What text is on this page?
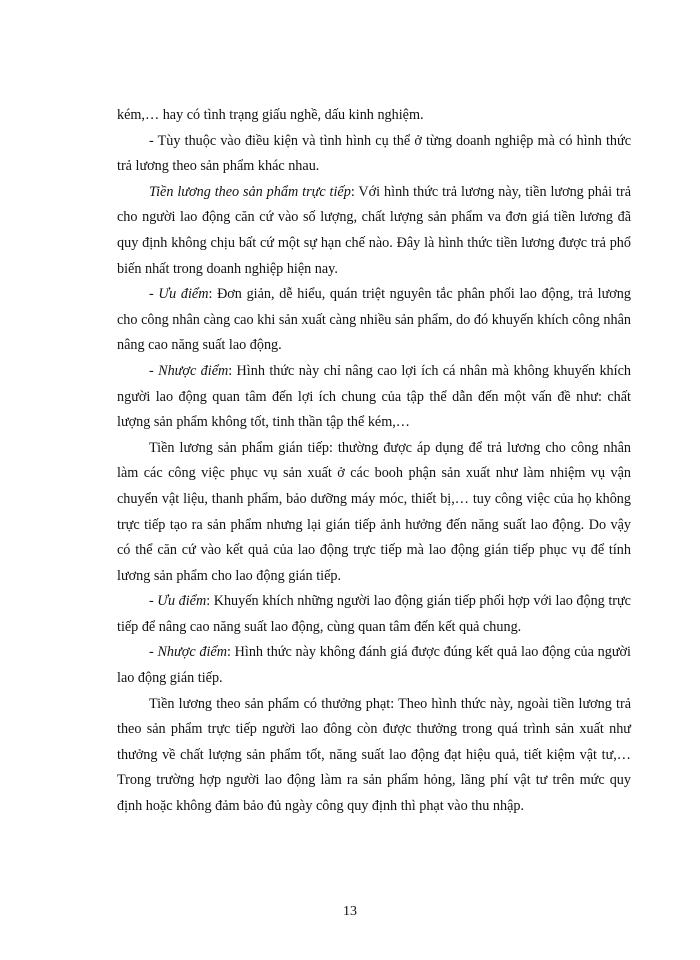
kém,… hay có tình trạng giấu nghề, dấu kinh nghiệm.

- Tùy thuộc vào điều kiện và tình hình cụ thể ở từng doanh nghiệp mà có hình thức trả lương theo sản phẩm khác nhau.

Tiền lương theo sản phẩm trực tiếp: Với hình thức trả lương này, tiền lương phải trả cho người lao động căn cứ vào số lượng, chất lượng sản phẩm va đơn giá tiền lương đã quy định không chịu bất cứ một sự hạn chế nào. Đây là hình thức tiền lương được trả phổ biến nhất trong doanh nghiệp hiện nay.

- Ưu điểm: Đơn giản, dễ hiểu, quán triệt nguyên tắc phân phối lao động, trả lương cho công nhân càng cao khi sản xuất càng nhiều sản phẩm, do đó khuyến khích công nhân nâng cao năng suất lao động.

- Nhược điểm: Hình thức này chỉ nâng cao lợi ích cá nhân mà không khuyến khích người lao động quan tâm đến lợi ích chung của tập thể dẫn đến một vấn đề như: chất lượng sản phẩm không tốt, tinh thần tập thể kém,…

Tiền lương sản phẩm gián tiếp: thường được áp dụng để trả lương cho công nhân làm các công việc phục vụ sản xuất ở các booh phận sản xuất như làm nhiệm vụ vận chuyển vật liệu, thanh phẩm, bảo dưỡng máy móc, thiết bị,… tuy công việc của họ không trực tiếp tạo ra sản phẩm nhưng lại gián tiếp ảnh hưởng đến năng suất lao động. Do vậy có thể căn cứ vào kết quả của lao động trực tiếp mà lao động gián tiếp phục vụ để tính lương sản phẩm cho lao động gián tiếp.

- Ưu điểm: Khuyến khích những người lao động gián tiếp phối hợp với lao động trực tiếp để nâng cao năng suất lao động, cùng quan tâm đến kết quả chung.

- Nhược điểm: Hình thức này không đánh giá được đúng kết quả lao động của người lao động gián tiếp.

Tiền lương theo sản phẩm có thưởng phạt: Theo hình thức này, ngoài tiền lương trả theo sản phẩm trực tiếp người lao đông còn được thưởng trong quá trình sản xuất như thưởng về chất lượng sản phẩm tốt, năng suất lao động đạt hiệu quả, tiết kiệm vật tư,… Trong trường hợp người lao động làm ra sản phẩm hỏng, lãng phí vật tư trên mức quy định hoặc không đảm bảo đủ ngày công quy định thì phạt vào thu nhập.

13
